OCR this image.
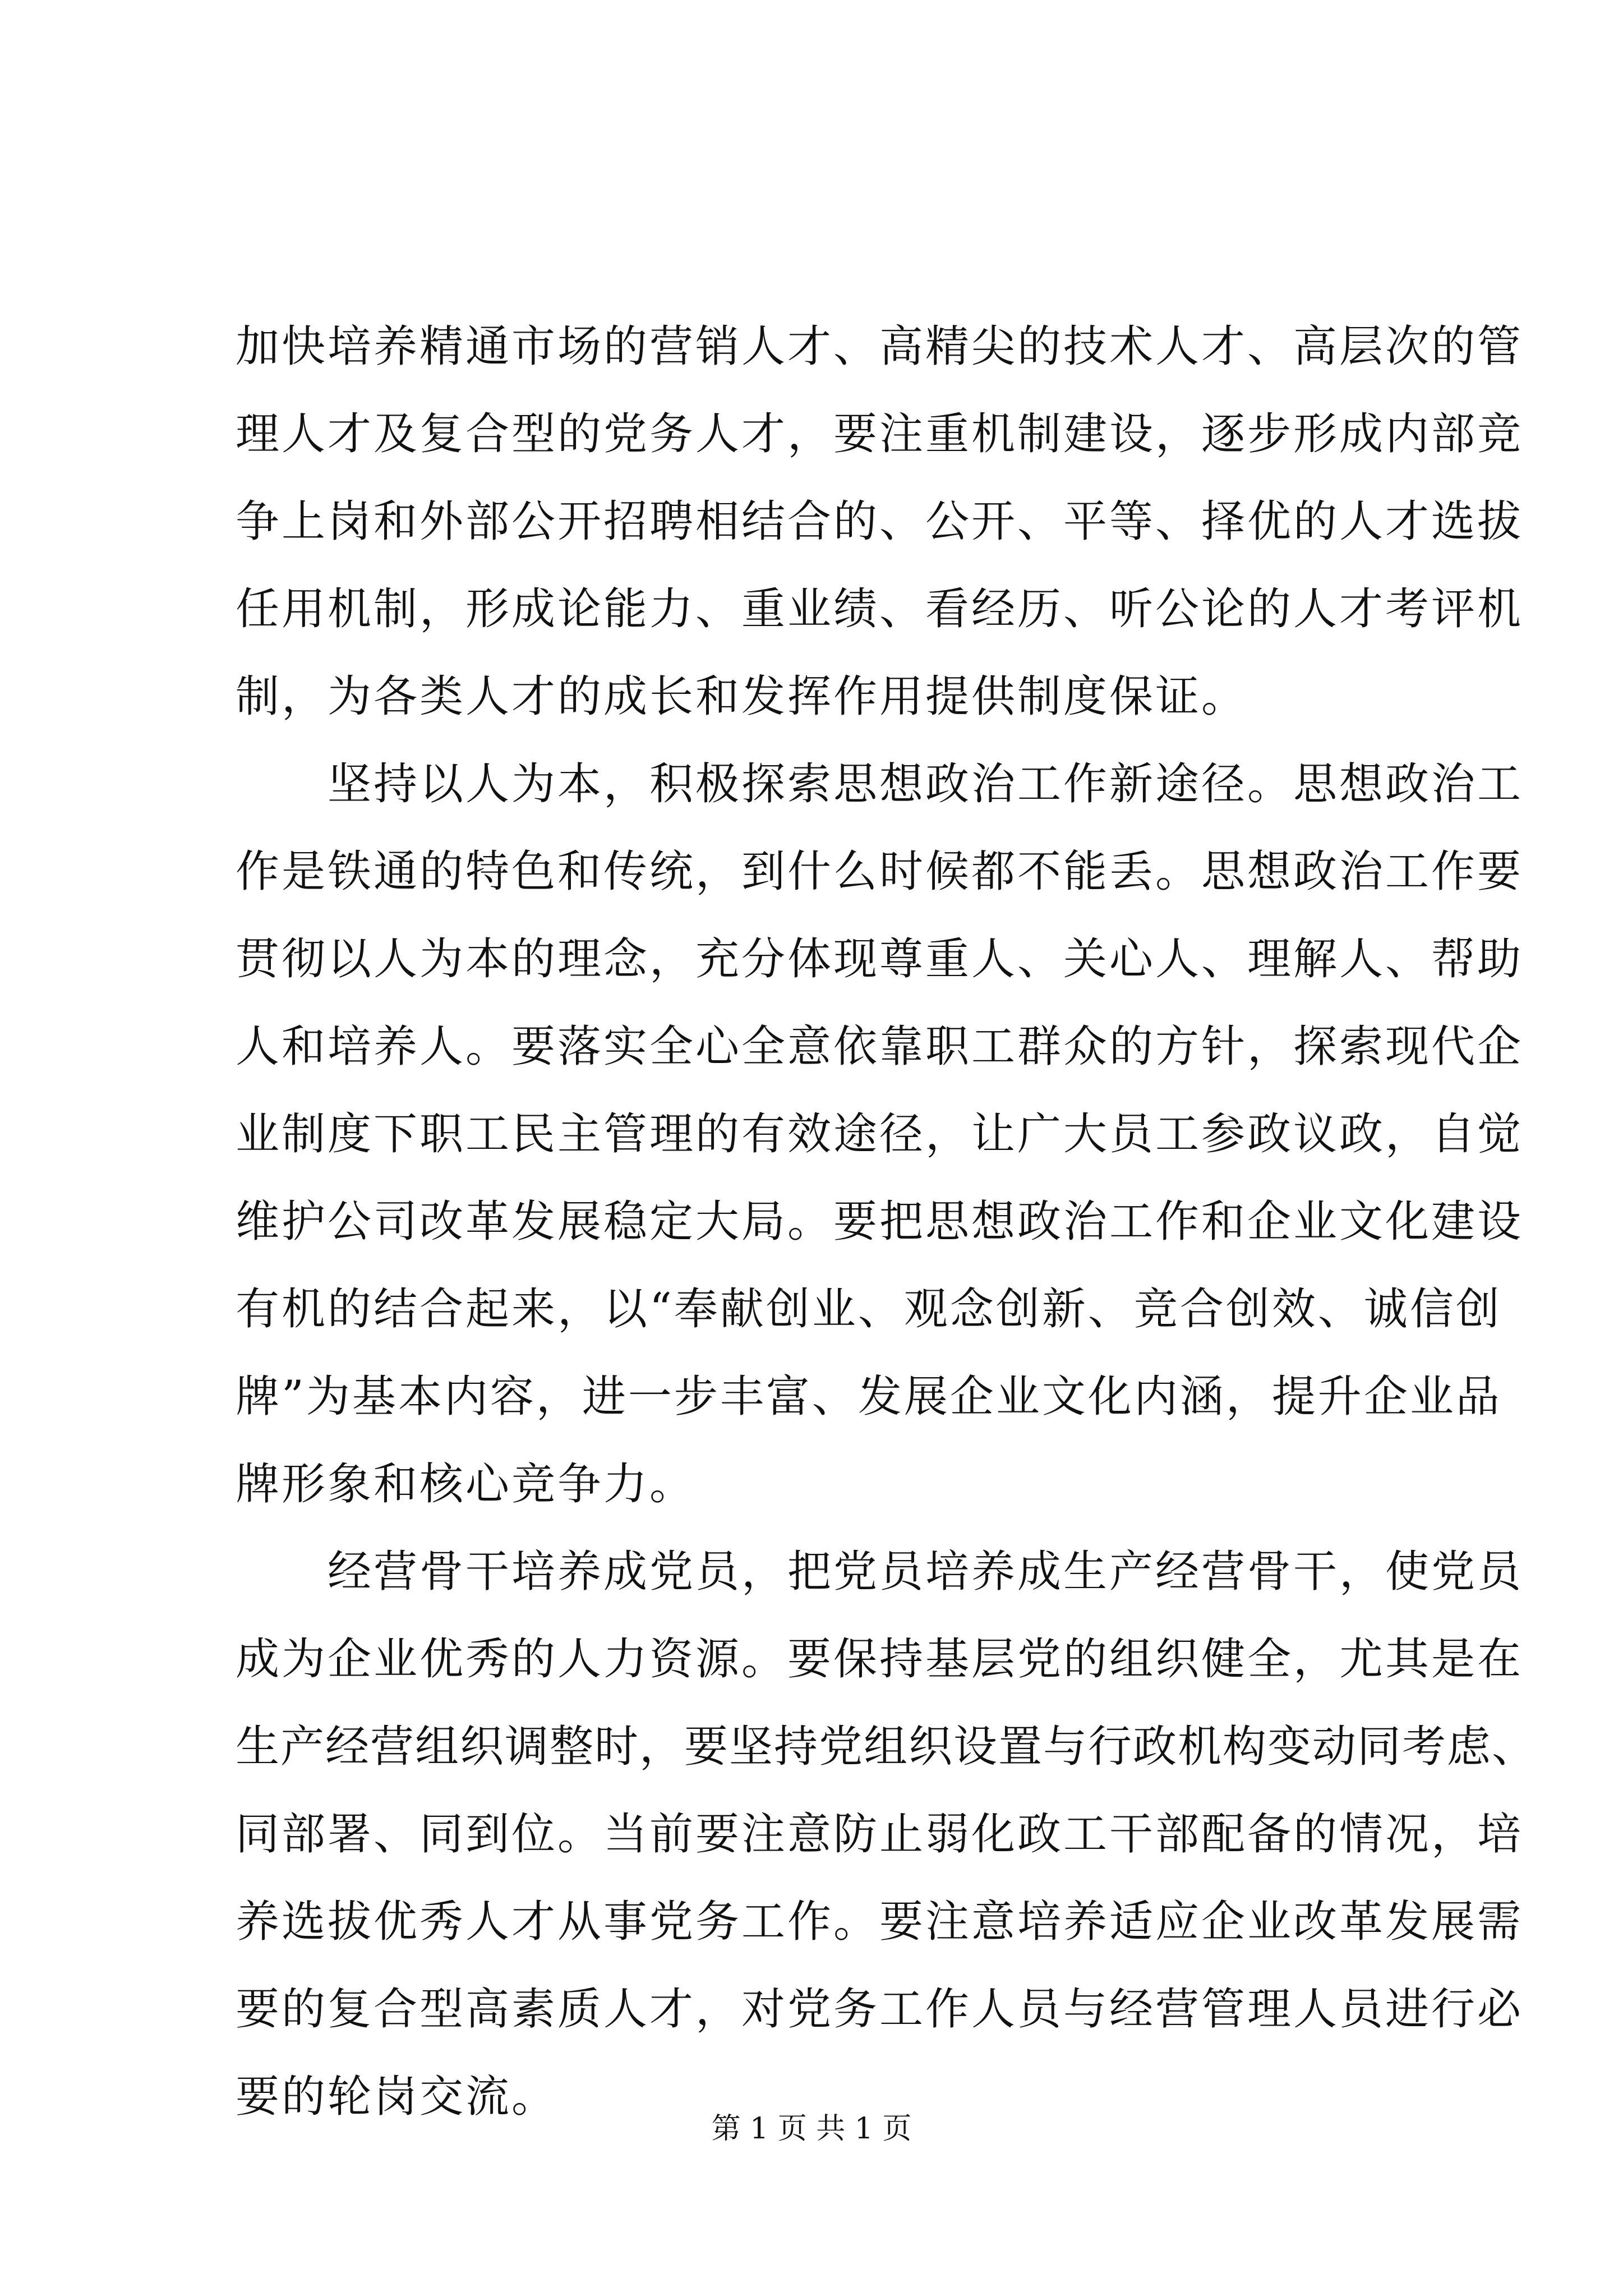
加快培养精通市场的营销人才、高精尖的技术人才、高层次的管
理人才及复合型的党务人才，要注重机制建设，逐步形成内部竞
争上岗和外部公开招聘相结合的、公开、平等、择优的人才选拔
任用机制，形成论能力、重业绩、看经历、听公论的人才考评机
制，为各类人才的成长和发挥作用提供制度保证。
　　坚持以人为本，积极探索思想政治工作新途径。思想政治工
作是铁通的特色和传统，到什么时候都不能丢。思想政治工作要
贯彻以人为本的理念，充分体现尊重人、关心人、理解人、帮助
人和培养人。要落实全心全意依靠职工群众的方针，探索现代企
业制度下职工民主管理的有效途径，让广大员工参政议政，自觉
维护公司改革发展稳定大局。要把思想政治工作和企业文化建设
有机的结合起来，以“奉献创业、观念创新、竞合创效、诚信创
牌”为基本内容，进一步丰富、发展企业文化内涵，提升企业品
牌形象和核心竞争力。
　　经营骨干培养成党员，把党员培养成生产经营骨干，使党员
成为企业优秀的人力资源。要保持基层党的组织健全，尤其是在
生产经营组织调整时，要坚持党组织设置与行政机构变动同考虑、
同部署、同到位。当前要注意防止弱化政工干部配备的情况，培
养选拔优秀人才从事党务工作。要注意培养适应企业改革发展需
要的复合型高素质人才，对党务工作人员与经营管理人员进行必
要的轮岗交流。
第 1 页 共 1 页
